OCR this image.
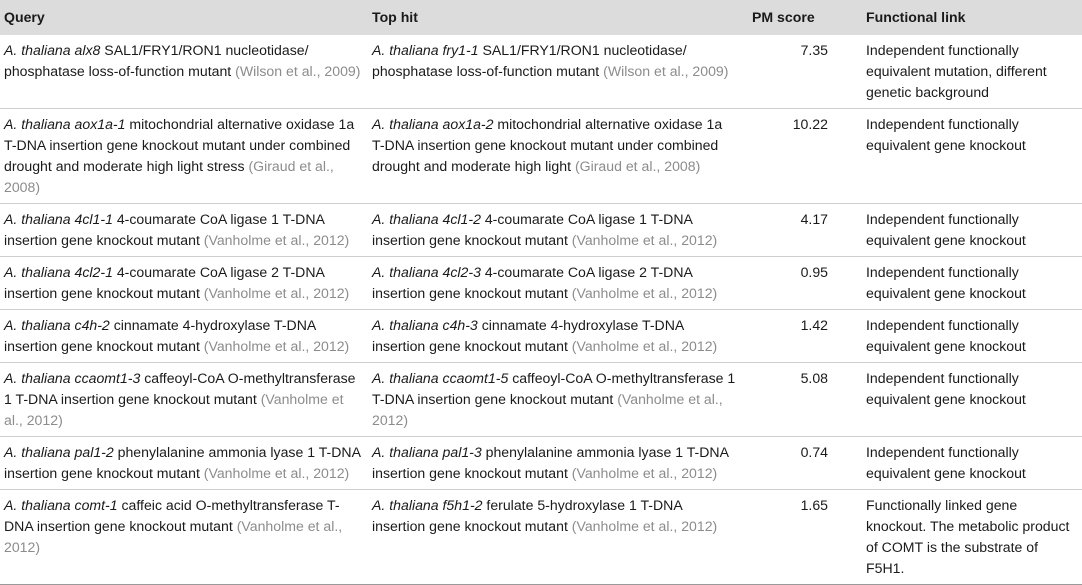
Query	Top hit	PM score	Functional link
A. thaliana alx8 SAL1/FRY1/RON1 nucleotidase/ phosphatase loss-of-function mutant (Wilson et al., 2009)	A. thaliana fry1-1 SAL1/FRY1/RON1 nucleotidase/ phosphatase loss-of-function mutant (Wilson et al., 2009)	7.35	Independent functionally equivalent mutation, different genetic background
A. thaliana aox1a-1 mitochondrial alternative oxidase 1a T-DNA insertion gene knockout mutant under combined drought and moderate high light stress (Giraud et al., 2008)	A. thaliana aox1a-2 mitochondrial alternative oxidase 1a T-DNA insertion gene knockout mutant under combined drought and moderate high light (Giraud et al., 2008)	10.22	Independent functionally equivalent gene knockout
A. thaliana 4cl1-1 4-coumarate CoA ligase 1 T-DNA insertion gene knockout mutant (Vanholme et al., 2012)	A. thaliana 4cl1-2 4-coumarate CoA ligase 1 T-DNA insertion gene knockout mutant (Vanholme et al., 2012)	4.17	Independent functionally equivalent gene knockout
A. thaliana 4cl2-1 4-coumarate CoA ligase 2 T-DNA insertion gene knockout mutant (Vanholme et al., 2012)	A. thaliana 4cl2-3 4-coumarate CoA ligase 2 T-DNA insertion gene knockout mutant (Vanholme et al., 2012)	0.95	Independent functionally equivalent gene knockout
A. thaliana c4h-2 cinnamate 4-hydroxylase T-DNA insertion gene knockout mutant (Vanholme et al., 2012)	A. thaliana c4h-3 cinnamate 4-hydroxylase T-DNA insertion gene knockout mutant (Vanholme et al., 2012)	1.42	Independent functionally equivalent gene knockout
A. thaliana ccaomt1-3 caffeoyl-CoA O-methyltransferase 1 T-DNA insertion gene knockout mutant (Vanholme et al., 2012)	A. thaliana ccaomt1-5 caffeoyl-CoA O-methyltransferase 1 T-DNA insertion gene knockout mutant (Vanholme et al., 2012)	5.08	Independent functionally equivalent gene knockout
A. thaliana pal1-2 phenylalanine ammonia lyase 1 T-DNA insertion gene knockout mutant (Vanholme et al., 2012)	A. thaliana pal1-3 phenylalanine ammonia lyase 1 T-DNA insertion gene knockout mutant (Vanholme et al., 2012)	0.74	Independent functionally equivalent gene knockout
A. thaliana comt-1 caffeic acid O-methyltransferase T-DNA insertion gene knockout mutant (Vanholme et al., 2012)	A. thaliana f5h1-2 ferulate 5-hydroxylase 1 T-DNA insertion gene knockout mutant (Vanholme et al., 2012)	1.65	Functionally linked gene knockout. The metabolic product of COMT is the substrate of F5H1.
